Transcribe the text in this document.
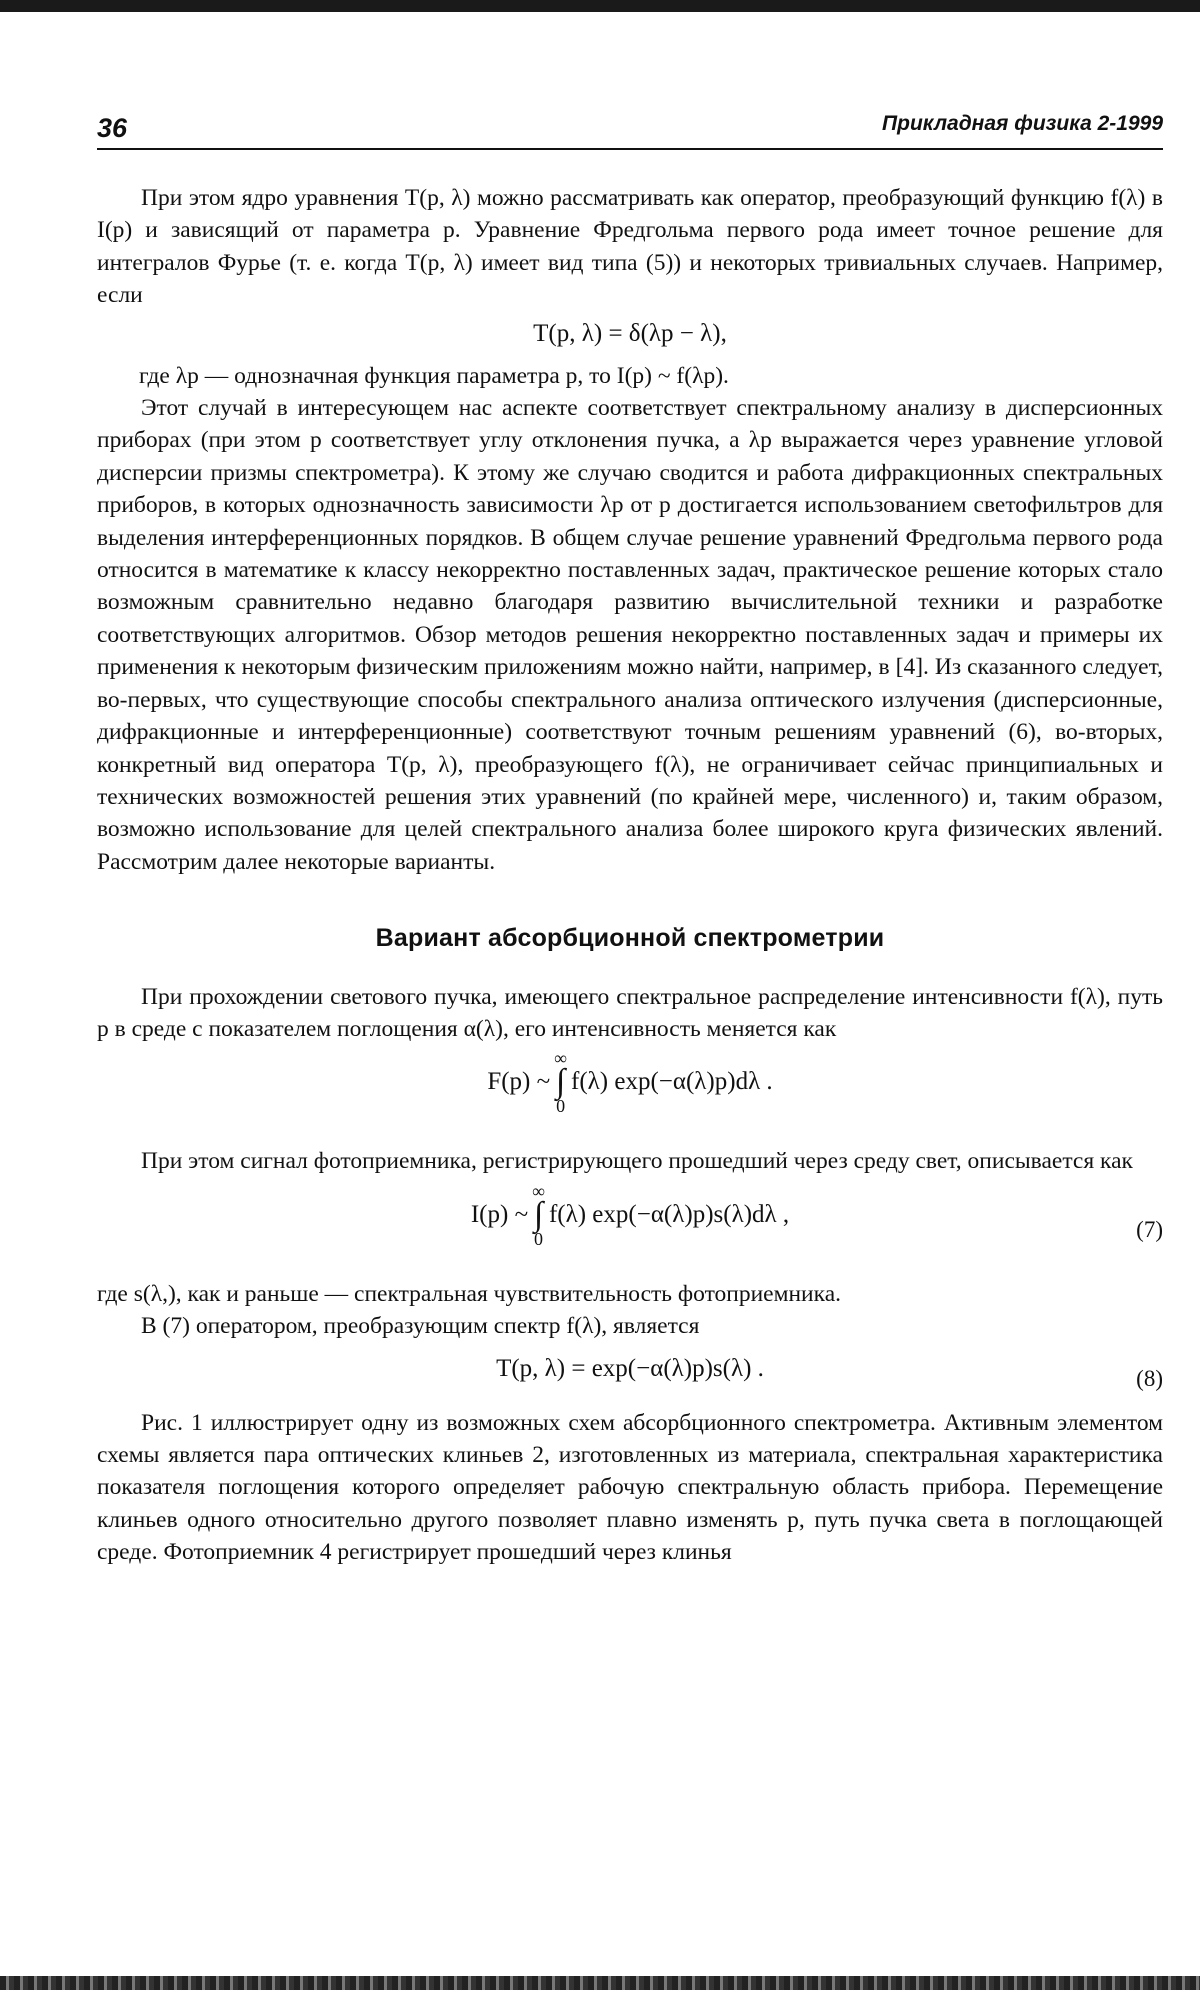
36	Прикладная физика 2-1999

При этом ядро уравнения T(p, λ) можно рассматривать как оператор, преобразующий функцию f(λ) в I(p) и зависящий от параметра p. Уравнение Фредгольма первого рода имеет точное решение для интегралов Фурье (т. е. когда T(p, λ) имеет вид типа (5)) и некоторых тривиальных случаев. Например, если

T(p, λ) = δ(λp − λ),

где λp — однозначная функция параметра p, то I(p) ~ f(λp).

Этот случай в интересующем нас аспекте соответствует спектральному анализу в дисперсионных приборах (при этом p соответствует углу отклонения пучка, а λp выражается через уравнение угловой дисперсии призмы спектрометра). К этому же случаю сводится и работа дифракционных спектральных приборов, в которых однозначность зависимости λp от p достигается использованием светофильтров для выделения интерференционных порядков. В общем случае решение уравнений Фредгольма первого рода относится в математике к классу некорректно поставленных задач, практическое решение которых стало возможным сравнительно недавно благодаря развитию вычислительной техники и разработке соответствующих алгоритмов. Обзор методов решения некорректно поставленных задач и примеры их применения к некоторым физическим приложениям можно найти, например, в [4]. Из сказанного следует, во-первых, что существующие способы спектрального анализа оптического излучения (дисперсионные, дифракционные и интерференционные) соответствуют точным решениям уравнений (6), во-вторых, конкретный вид оператора T(p, λ), преобразующего f(λ), не ограничивает сейчас принципиальных и технических возможностей решения этих уравнений (по крайней мере, численного) и, таким образом, возможно использование для целей спектрального анализа более широкого круга физических явлений. Рассмотрим далее некоторые варианты.

Вариант абсорбционной спектрометрии

При прохождении светового пучка, имеющего спектральное распределение интенсивности f(λ), путь p в среде с показателем поглощения α(λ), его интенсивность меняется как

F(p) ~
∞
∫
0
f(λ) exp(−α(λ)p)dλ .

При этом сигнал фотоприемника, регистрирующего прошедший через среду свет, описывается как

I(p) ~
∞
∫
0
f(λ) exp(−α(λ)p)s(λ)dλ ,
(7)

где s(λ,), как и раньше — спектральная чувствительность фотоприемника.

В (7) оператором, преобразующим спектр f(λ), является

T(p, λ) = exp(−α(λ)p)s(λ) .	(8)

Рис. 1 иллюстрирует одну из возможных схем абсорбционного спектрометра. Активным элементом схемы является пара оптических клиньев 2, изготовленных из материала, спектральная характеристика показателя поглощения которого определяет рабочую спектральную область прибора. Перемещение клиньев одного относительно другого позволяет плавно изменять p, путь пучка света в поглощающей среде. Фотоприемник 4 регистрирует прошедший через клинья
